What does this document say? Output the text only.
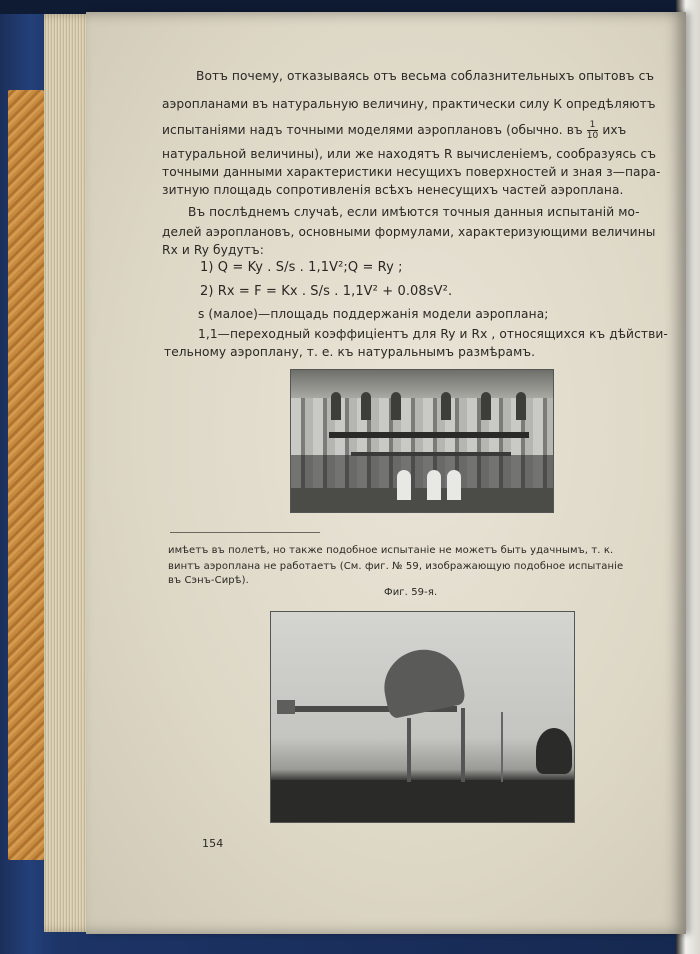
Вотъ почему, отказываясь отъ весьма соблазнительныхъ опытовъ съ
аэропланами въ натуральную величину, практически силу К опредѣляютъ
испытаніями надъ точными моделями аэроплановъ (обычно. въ $\frac{1}{10}$ ихъ
натуральной величины), или же находятъ R вычисленіемъ, сообразуясь съ
точными данными характеристики несущихъ поверхностей и зная з—пара-
зитную площадь сопротивленія всѣхъ ненесущихъ частей аэроплана.
Въ послѣднемъ случаѣ, если имѣются точныя данныя испытаній мо-
делей аэроплановъ, основными формулами, характеризующими величины
Rx и Ry будутъ:
1) Q = Ky . S/s . 1,1V²;Q = Ry ;
2) Rx = F = Kx . S/s . 1,1V² + 0.08sV².
s (малое)—площадь поддержанія модели аэроплана;
1,1—переходный коэффиціентъ для Ry и Rx , относящихся къ дѣйстви-
тельному аэроплану, т. е. къ натуральнымъ размѣрамъ.
имѣетъ въ полетѣ, но также подобное испытаніе не можетъ быть удачнымъ, т. к.
винтъ аэроплана не работаетъ (См. фиг. № 59, изображающую подобное испытаніе
въ Сэнъ-Сирѣ).
Фиг. 59-я.
154
